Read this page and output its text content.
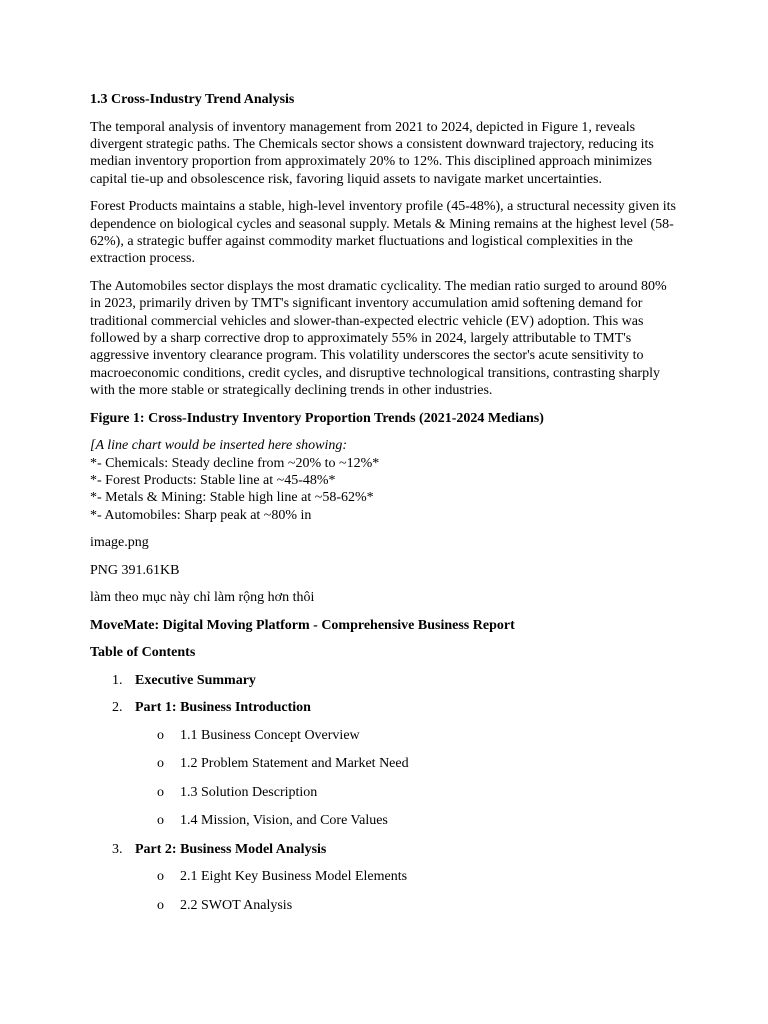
1.3 Cross-Industry Trend Analysis
The temporal analysis of inventory management from 2021 to 2024, depicted in Figure 1, reveals divergent strategic paths. The Chemicals sector shows a consistent downward trajectory, reducing its median inventory proportion from approximately 20% to 12%. This disciplined approach minimizes capital tie-up and obsolescence risk, favoring liquid assets to navigate market uncertainties.
Forest Products maintains a stable, high-level inventory profile (45-48%), a structural necessity given its dependence on biological cycles and seasonal supply. Metals & Mining remains at the highest level (58-62%), a strategic buffer against commodity market fluctuations and logistical complexities in the extraction process.
The Automobiles sector displays the most dramatic cyclicality. The median ratio surged to around 80% in 2023, primarily driven by TMT's significant inventory accumulation amid softening demand for traditional commercial vehicles and slower-than-expected electric vehicle (EV) adoption. This was followed by a sharp corrective drop to approximately 55% in 2024, largely attributable to TMT's aggressive inventory clearance program. This volatility underscores the sector's acute sensitivity to macroeconomic conditions, credit cycles, and disruptive technological transitions, contrasting sharply with the more stable or strategically declining trends in other industries.
Figure 1: Cross-Industry Inventory Proportion Trends (2021-2024 Medians)
[A line chart would be inserted here showing:
*- Chemicals: Steady decline from ~20% to ~12%*
*- Forest Products: Stable line at ~45-48%*
*- Metals & Mining: Stable high line at ~58-62%*
*- Automobiles: Sharp peak at ~80% in
image.png
PNG 391.61KB
làm theo mục này chỉ làm rộng hơn thôi
MoveMate: Digital Moving Platform - Comprehensive Business Report
Table of Contents
1. Executive Summary
2. Part 1: Business Introduction
o 1.1 Business Concept Overview
o 1.2 Problem Statement and Market Need
o 1.3 Solution Description
o 1.4 Mission, Vision, and Core Values
3. Part 2: Business Model Analysis
o 2.1 Eight Key Business Model Elements
o 2.2 SWOT Analysis
